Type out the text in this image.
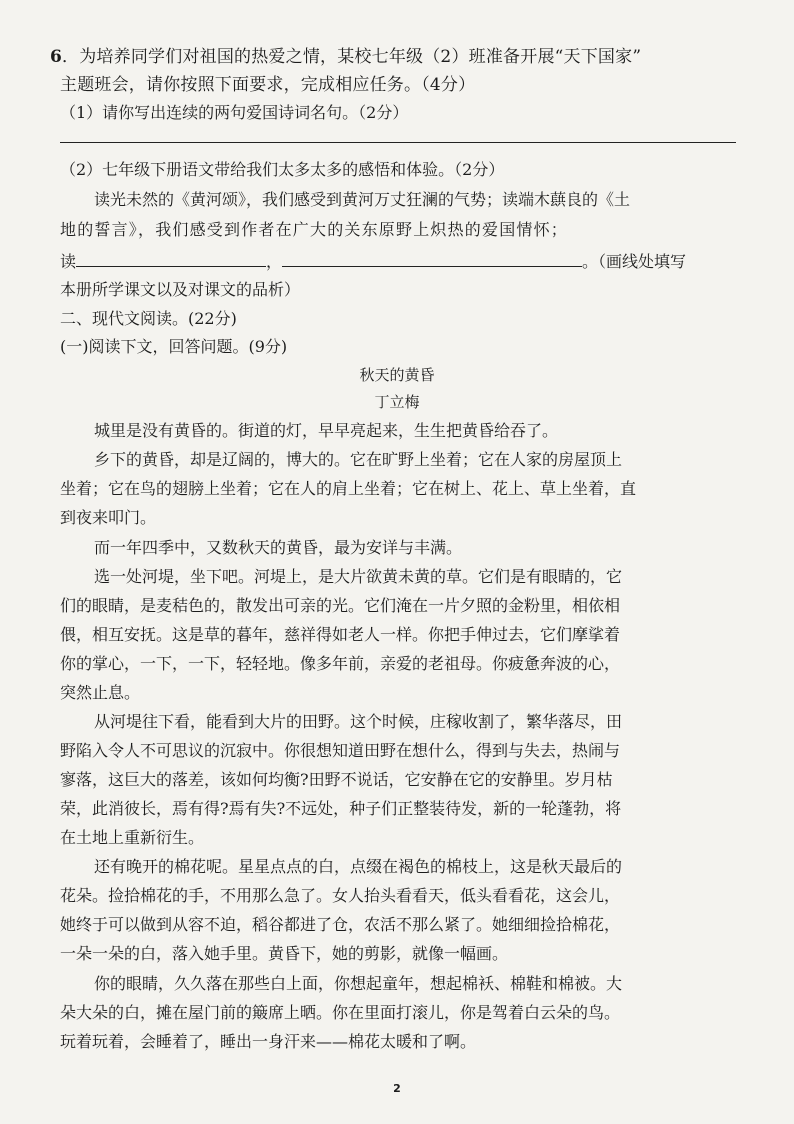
6．为培养同学们对祖国的热爱之情，某校七年级（2）班准备开展“天下国家”
主题班会，请你按照下面要求，完成相应任务。（4分）
（1）请你写出连续的两句爱国诗词名句。（2分）
（2）七年级下册语文带给我们太多太多的感悟和体验。（2分）
读光未然的《黄河颂》，我们感受到黄河万丈狂澜的气势；读端木蕻良的《土
地的誓言》，我们感受到作者在广大的关东原野上炽热的爱国情怀；
读	，	。（画线处填写
本册所学课文以及对课文的品析）
二、现代文阅读。(22分)
(一)阅读下文，回答问题。(9分)
秋天的黄昏
丁立梅
城里是没有黄昏的。街道的灯，早早亮起来，生生把黄昏给吞了。
乡下的黄昏，却是辽阔的，博大的。它在旷野上坐着；它在人家的房屋顶上
坐着；它在鸟的翅膀上坐着；它在人的肩上坐着；它在树上、花上、草上坐着，直
到夜来叩门。
而一年四季中，又数秋天的黄昏，最为安详与丰满。
选一处河堤，坐下吧。河堤上，是大片欲黄未黄的草。它们是有眼睛的，它
们的眼睛，是麦秸色的，散发出可亲的光。它们淹在一片夕照的金粉里，相依相
偎，相互安抚。这是草的暮年，慈祥得如老人一样。你把手伸过去，它们摩挲着
你的掌心，一下，一下，轻轻地。像多年前，亲爱的老祖母。你疲惫奔波的心，
突然止息。
从河堤往下看，能看到大片的田野。这个时候，庄稼收割了，繁华落尽，田
野陷入令人不可思议的沉寂中。你很想知道田野在想什么，得到与失去，热闹与
寥落，这巨大的落差，该如何均衡?田野不说话，它安静在它的安静里。岁月枯
荣，此消彼长，焉有得?焉有失?不远处，种子们正整装待发，新的一轮蓬勃，将
在土地上重新衍生。
还有晚开的棉花呢。星星点点的白，点缀在褐色的棉枝上，这是秋天最后的
花朵。捡拾棉花的手，不用那么急了。女人抬头看看天，低头看看花，这会儿，
她终于可以做到从容不迫，稻谷都进了仓，农活不那么紧了。她细细捡拾棉花，
一朵一朵的白，落入她手里。黄昏下，她的剪影，就像一幅画。
你的眼睛，久久落在那些白上面，你想起童年，想起棉袄、棉鞋和棉被。大
朵大朵的白，摊在屋门前的簸席上晒。你在里面打滚儿，你是驾着白云朵的鸟。
玩着玩着，会睡着了，睡出一身汗来——棉花太暖和了啊。
2
